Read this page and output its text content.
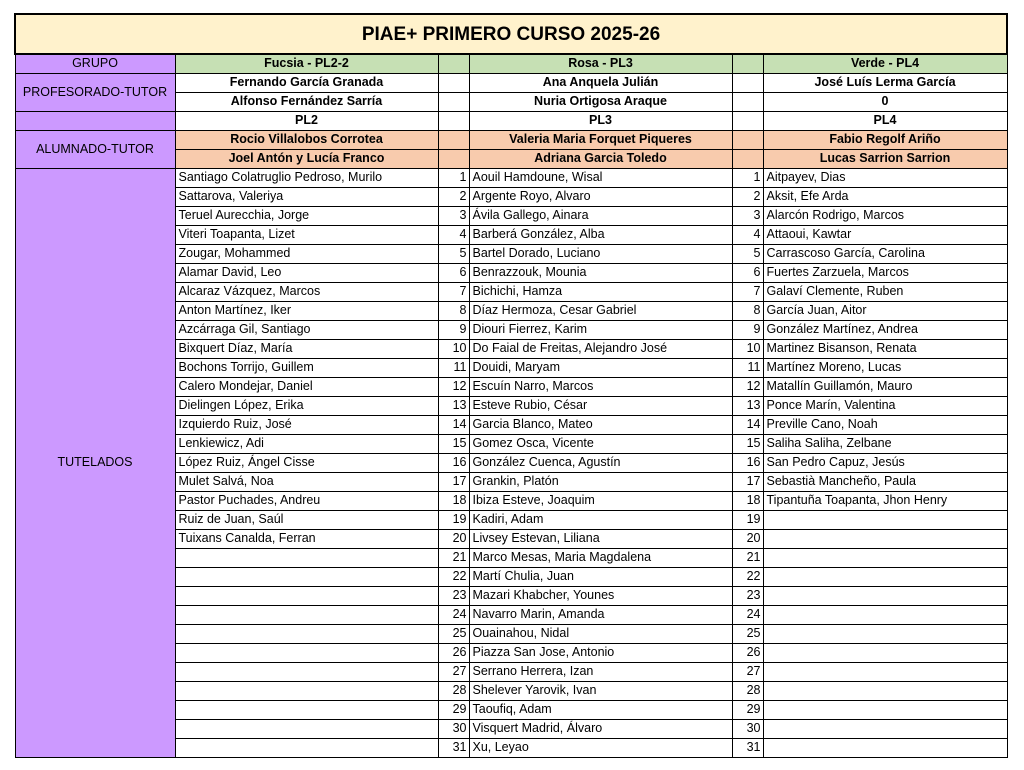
PIAE+ PRIMERO CURSO 2025-26					
GRUPO	Fucsia - PL2-2		Rosa - PL3		Verde - PL4
PROFESORADO-TUTOR	Fernando García Granada		Ana Anquela Julián		José Luís Lerma García
	Alfonso Fernández Sarría		Nuria Ortigosa Araque		0
	PL2		PL3		PL4
ALUMNADO-TUTOR	Rocio Villalobos Corrotea		Valeria Maria Forquet Piqueres		Fabio Regolf Ariño
	Joel Antón y Lucía Franco		Adriana Garcia Toledo		Lucas Sarrion Sarrion
TUTELADOS	Santiago Colatruglio Pedroso, Murilo	1	Aouil Hamdoune, Wisal	1	Aitpayev, Dias
	Sattarova, Valeriya	2	Argente Royo, Alvaro	2	Aksit, Efe Arda
	Teruel Aurecchia, Jorge	3	Ávila Gallego, Ainara	3	Alarcón Rodrigo, Marcos
	Viteri Toapanta, Lizet	4	Barberá González, Alba	4	Attaoui, Kawtar
	Zougar, Mohammed	5	Bartel Dorado, Luciano	5	Carrascoso García, Carolina
	Alamar David, Leo	6	Benrazzouk, Mounia	6	Fuertes Zarzuela, Marcos
	Alcaraz Vázquez, Marcos	7	Bichichi, Hamza	7	Galaví Clemente, Ruben
	Anton Martínez, Iker	8	Díaz Hermoza, Cesar Gabriel	8	García Juan, Aitor
	Azcárraga Gil, Santiago	9	Diouri Fierrez, Karim	9	González Martínez, Andrea
	Bixquert Díaz, María	10	Do Faial de Freitas, Alejandro José	10	Martinez Bisanson, Renata
	Bochons Torrijo, Guillem	11	Douidi, Maryam	11	Martínez Moreno, Lucas
	Calero Mondejar, Daniel	12	Escuín Narro, Marcos	12	Matallín Guillamón, Mauro
	Dielingen López, Erika	13	Esteve Rubio, César	13	Ponce Marín, Valentina
	Izquierdo Ruiz, José	14	Garcia Blanco, Mateo	14	Preville Cano, Noah
	Lenkiewicz, Adi	15	Gomez Osca, Vicente	15	Saliha Saliha, Zelbane
	López Ruiz, Ángel Cisse	16	González Cuenca, Agustín	16	San Pedro Capuz, Jesús
	Mulet Salvá, Noa	17	Grankin, Platón	17	Sebastià Mancheño, Paula
	Pastor Puchades, Andreu	18	Ibiza Esteve, Joaquim	18	Tipantuña Toapanta, Jhon Henry
	Ruiz de Juan, Saúl	19	Kadiri, Adam	19	
	Tuixans Canalda, Ferran	20	Livsey Estevan, Liliana	20	
		21	Marco Mesas, Maria Magdalena	21	
		22	Martí Chulia, Juan	22	
		23	Mazari Khabcher, Younes	23	
		24	Navarro Marin, Amanda	24	
		25	Ouainahou, Nidal	25	
		26	Piazza San Jose, Antonio	26	
		27	Serrano Herrera, Izan	27	
		28	Shelever Yarovik, Ivan	28	
		29	Taoufiq, Adam	29	
		30	Visquert Madrid, Álvaro	30	
		31	Xu, Leyao	31	
